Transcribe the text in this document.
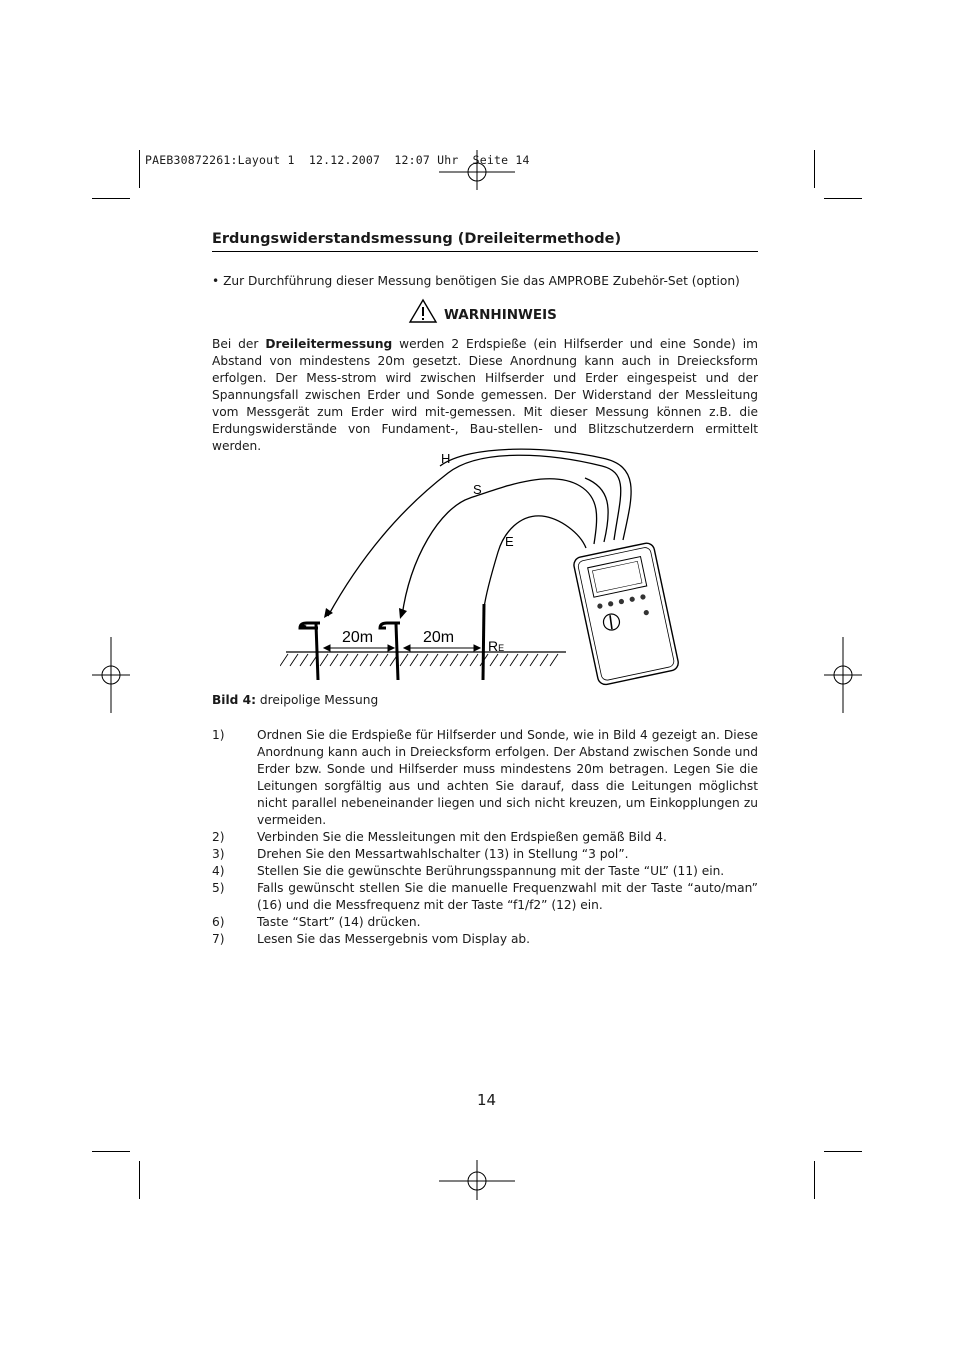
PAEB30872261:Layout 1  12.12.2007  12:07 Uhr  Seite 14
Erdungswiderstandsmessung (Dreileitermethode)
• Zur Durchführung dieser Messung benötigen Sie das AMPROBE Zubehör-Set (option)
WARNHINWEIS
Bei der Dreileitermessung werden 2 Erdspieße (ein Hilfserder und eine Sonde) im Abstand von mindestens 20m gesetzt. Diese Anordnung kann auch in Dreiecksform erfolgen. Der Mess-strom wird zwischen Hilfserder und Erder eingespeist und der Spannungsfall zwischen Erder und Sonde gemessen. Der Widerstand der Messleitung vom Messgerät zum Erder wird mit-gemessen. Mit dieser Messung können z.B. die Erdungswiderstände von Fundament-, Bau-stellen- und Blitzschutzerdern ermittelt werden.
20m	20m RE
H
S
E
Bild 4: dreipolige Messung
1)	Ordnen Sie die Erdspieße für Hilfserder und Sonde, wie in Bild 4 gezeigt an. Diese Anordnung kann auch in Dreiecksform erfolgen. Der Abstand zwischen Sonde und Erder bzw. Sonde und Hilfserder muss mindestens 20m betragen. Legen Sie die Leitungen sorgfältig aus und achten Sie darauf, dass die Leitungen möglichst nicht parallel nebeneinander liegen und sich nicht kreuzen, um Einkopplungen zu vermeiden.
2)	Verbinden Sie die Messleitungen mit den Erdspießen gemäß Bild 4.
3)	Drehen Sie den Messartwahlschalter (13) in Stellung “3 pol”.
4)	Stellen Sie die gewünschte Berührungsspannung mit der Taste “UL” (11) ein.
5)	Falls gewünscht stellen Sie die manuelle Frequenzwahl mit der Taste “auto/man” (16) und die Messfrequenz mit der Taste “f1/f2” (12) ein.
6)	Taste “Start” (14) drücken.
7)	Lesen Sie das Messergebnis vom Display ab.
14
